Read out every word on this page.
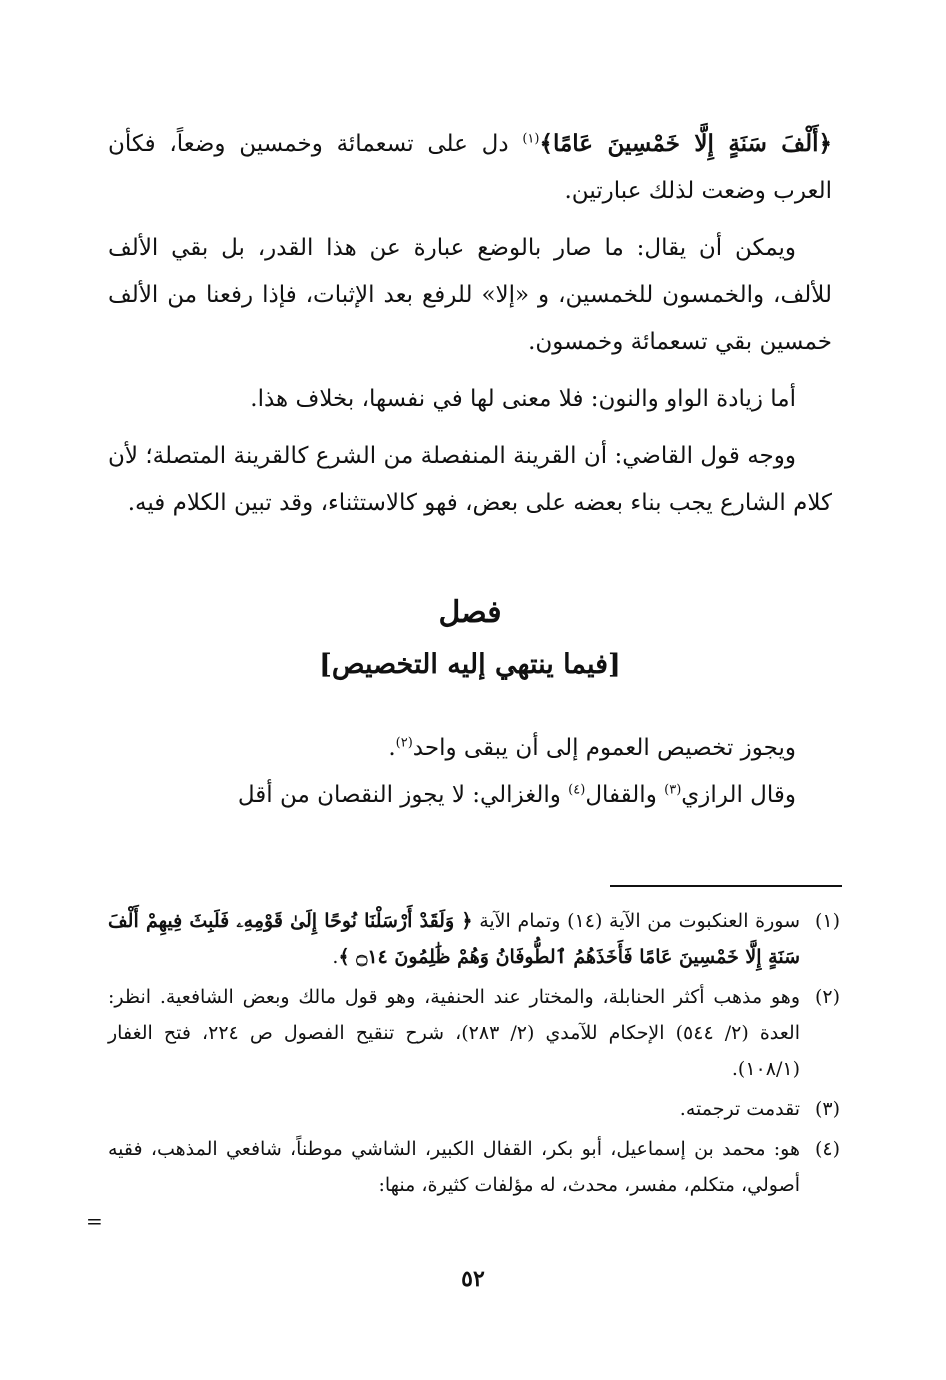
﴿أَلْفَ سَنَةٍ إِلَّا خَمْسِينَ عَامًا﴾$^{(١)}$ دل على تسعمائة وخمسين وضعاً، فكأن العرب وضعت لذلك عبارتين.

ويمكن أن يقال: ما صار بالوضع عبارة عن هذا القدر، بل بقي الألف للألف، والخمسون للخمسين، و «إلا» للرفع بعد الإثبات، فإذا رفعنا من الألف خمسين بقي تسعمائة وخمسون.

أما زيادة الواو والنون: فلا معنى لها في نفسها، بخلاف هذا.

ووجه قول القاضي: أن القرينة المنفصلة من الشرع كالقرينة المتصلة؛ لأن كلام الشارع يجب بناء بعضه على بعض، فهو كالاستثناء، وقد تبين الكلام فيه.

فصل
[فيما ينتهي إليه التخصيص]

ويجوز تخصيص العموم إلى أن يبقى واحد$^{(٢)}$.

وقال الرازي$^{(٣)}$ والقفال$^{(٤)}$ والغزالي: لا يجوز النقصان من أقل

(١)سورة العنكبوت من الآية (١٤) وتمام الآية ﴿ وَلَقَدْ أَرْسَلْنَا نُوحًا إِلَىٰ قَوْمِهِۦ فَلَبِثَ فِيهِمْ أَلْفَ سَنَةٍ إِلَّا خَمْسِينَ عَامًا فَأَخَذَهُمُ ٱلطُّوفَانُ وَهُمْ ظَٰلِمُونَ ۝١٤ ﴾.

(٢)وهو مذهب أكثر الحنابلة، والمختار عند الحنفية، وهو قول مالك وبعض الشافعية. انظر: العدة (٢/ ٥٤٤) الإحكام للآمدي (٢/ ٢٨٣)، شرح تنقيح الفصول ص ٢٢٤، فتح الغفار (١٠٨/١).

(٣)تقدمت ترجمته.

(٤)هو: محمد بن إسماعيل، أبو بكر، القفال الكبير، الشاشي موطناً، شافعي المذهب، فقيه أصولي، متكلم، مفسر، محدث، له مؤلفات كثيرة، منها:

=
٥٢
